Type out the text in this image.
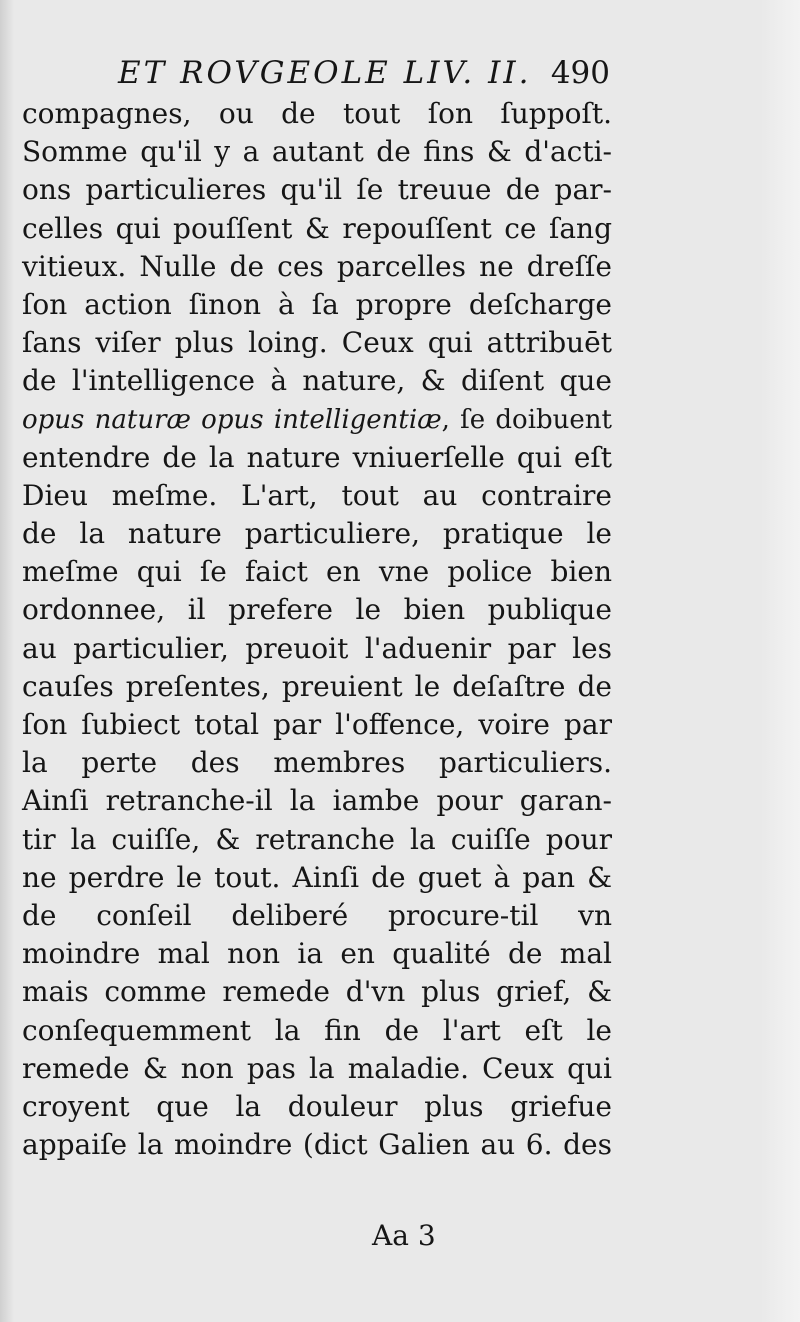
ET ROVGEOLE LIV. II. 490
compagnes, ou de tout ſon ſuppoſt.
Somme qu'il y a autant de fins & d'acti-
ons particulieres qu'il ſe treuue de par-
celles qui pouſſent & repouſſent ce ſang
vitieux. Nulle de ces parcelles ne dreſſe
ſon action ſinon à ſa propre deſcharge
ſans viſer plus loing. Ceux qui attribuēt
de l'intelligence à nature, & diſent que
opus naturæ opus intelligentiæ, ſe doibuent
entendre de la nature vniuerſelle qui eſt
Dieu meſme. L'art, tout au contraire
de la nature particuliere, pratique le
meſme qui ſe faict en vne police bien
ordonnee, il prefere le bien publique
au particulier, preuoit l'aduenir par les
cauſes preſentes, preuient le deſaſtre de
ſon ſubiect total par l'offence, voire par
la perte des membres particuliers.
Ainſi retranche-il la iambe pour garan-
tir la cuiſſe, & retranche la cuiſſe pour
ne perdre le tout. Ainſi de guet à pan &
de conſeil deliberé procure-til vn
moindre mal non ia en qualité de mal
mais comme remede d'vn plus grief, &
conſequemment la fin de l'art eſt le
remede & non pas la maladie. Ceux qui
croyent que la douleur plus griefue
appaiſe la moindre (dict Galien au 6. des
Aa 3
